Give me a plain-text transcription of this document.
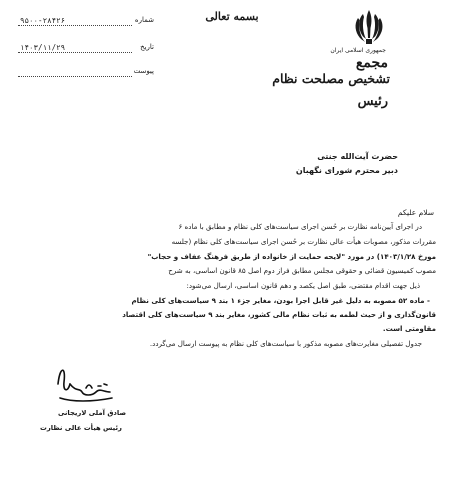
جمهوری اسلامی ایران
مجمع
تشخیص مصلحت نظام
رئیس
بسمه تعالی
شماره
۹۵۰۰-۲۸۴۲۶
تاریخ
۱۴۰۳/۱۱/۲۹
پیوست
حضرت آیت‌الله جنتی
دبیر محترم شورای نگهبان
سلام علیکم
در اجرای آیین‌نامه نظارت بر حُسن اجرای سیاست‌های کلی نظام و مطابق با ماده ۶
مقررات مذکور، مصوبات هیأت عالی نظارت بر حُسن اجرای سیاست‌های کلی نظام (جلسه
مورخ ۱۴۰۳/۱/۲۸) در مورد "لایحه حمایت از خانواده از طریق فرهنگ عفاف و حجاب"
مصوب کمیسیون قضائی و حقوقی مجلس مطابق فراز دوم اصل ۸۵ قانون اساسی، به شرح
ذیل جهت اقدام مقتضی، طبق اصل یکصد و دهم قانون اساسی، ارسال می‌شود:
- ماده ۵۲ مصوبه به دلیل غیر قابل اجرا بودن، مغایر جزء ۱ بند ۹ سیاست‌های کلی نظام
قانون‌گذاری و از حیث لطمه به ثبات نظام مالی کشور، مغایر بند ۹ سیاست‌های کلی اقتصاد
مقاومتی است.
جدول تفصیلی مغایرت‌های مصوبه مذکور با سیاست‌های کلی نظام به پیوست ارسال می‌گردد.
صادق آملی لاریجانی
رئیس هیأت عالی نظارت
